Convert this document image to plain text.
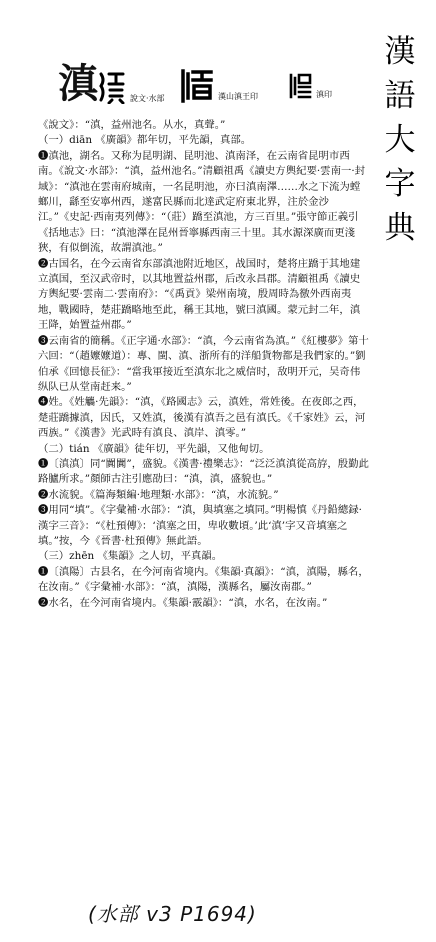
漢
語
大
字
典
滇	說文·水部	漢山滇王印	滇印

《說文》：“滇，益州池名。从水，真聲。”

（一）diān 《廣韻》都年切，平先韻，真部。

❶滇池，湖名。又称为昆明湖、昆明池、滇南泽，在云南省昆明市西南。《說文·水部》：“滇，益州池名。”清顧祖禹《讀史方輿紀要·雲南一·封域》：“滇池在雲南府城南，一名昆明池，亦曰滇南澤……水之下流为螳螂川，繇至安寧州西，遂富民縣而北達武定府東北界，注於金沙江。”《史記·西南夷列傳》：“（莊）蹻至滇池，方三百里。”張守節正義引《括地志》曰：“滇池澤在昆州晉寧縣西南三十里。其水源深廣而更淺狹，有似倒流，故謂滇池。”

❷古国名，在今云南省东部滇池附近地区，战国时，楚将庄蹻于其地建立滇国，至汉武帝时，以其地置益州郡，后改永昌郡。清顧祖禹《讀史方輿紀要·雲南二·雲南府》：“《禹貢》梁州南境，殷周時為徼外西南夷地，戰國時，楚莊蹻略地至此，稱王其地，號曰滇國。蒙元封二年，滇王降，始置益州郡。”

❸云南省的簡稱。《正字通·水部》：“滇，今云南省為滇。”《紅樓夢》第十六回：“（趙嬤嬤道）：專、閩、滇、浙所有的洋船貨物都是我們家的。”劉伯承《回憶長征》：“當我軍接近至滇东北之威信时，敌明开元，吴奇伟纵队已从堂南赶来。”

❹姓。《姓觿·先韻》：“滇，《路國志》云，滇姓，常姓後。在夜郎之西，楚莊蹻據滇，因氏，又姓滇，後漢有滇吾之邑有滇氏。《千家姓》云，河西族。”《漢書》光武時有滇良、滇岸、滇零。”

（二）tián 《廣韻》徒年切，平先韻，又他甸切。

❶〔滇滇〕同“闐闐”，盛貌。《漢書·禮樂志》：“泛泛滇滇從高斿，殷勤此路臚所求。”顏師古注引應劭曰：“滇，滇，盛貌也。”

❷水流貌。《篇海類編·地理類·水部》：“滇，水流貌。”

❸用同“填”。《字彙補·水部》：“滇，與填塞之填同。”明楊慎《丹鉛總録·漢字三音》：“《杜預傳》：‘滇塞之田，卑收數頃。’此‘滇’字又音填塞之填。”按，今《晉書·杜預傳》無此語。

（三）zhēn 《集韻》之人切，平真韻。

❶〔滇陽〕古县名，在今河南省境内。《集韻·真韻》：“滇，滇陽，縣名，在汝南。”《字彙補·水部》：“滇，滇陽，漢縣名，屬汝南郡。”

❷水名，在今河南省境内。《集韻·霰韻》：“滇，水名，在汝南。”

(水部 v3 P1694)
